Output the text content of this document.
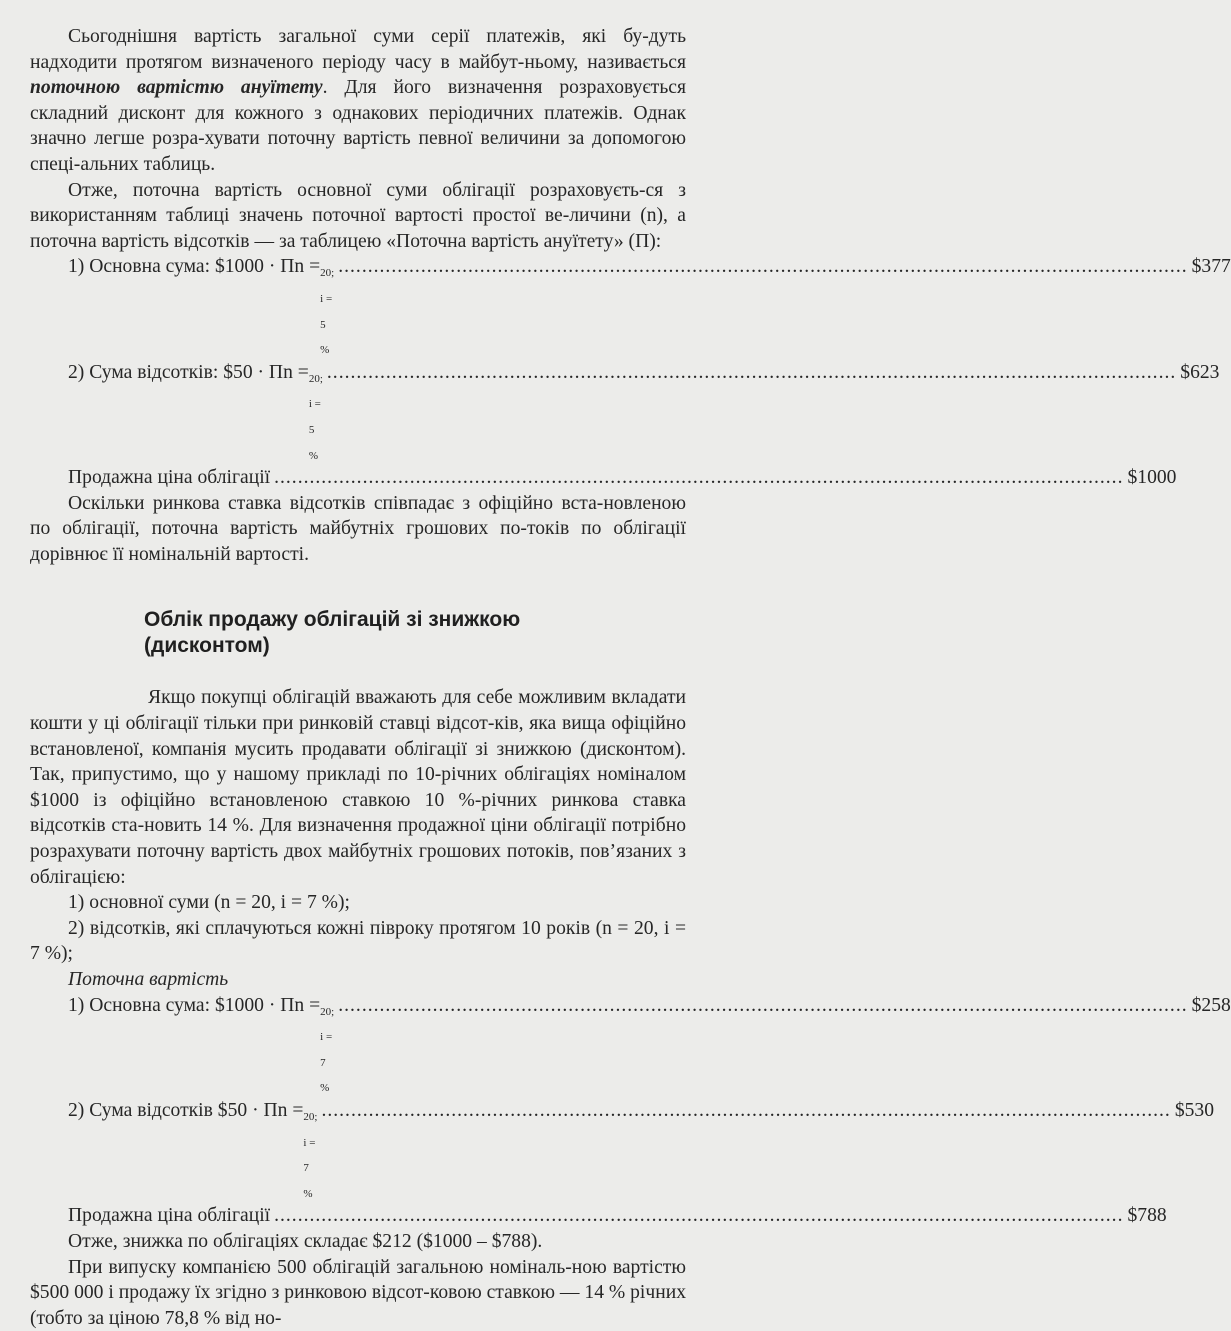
Сьогоднішня вартість загальної суми серії платежів, які бу-дуть надходити протягом визначеного періоду часу в майбут-ньому, називається поточною вартістю ануїтету. Для його визначення розраховується складний дисконт для кожного з однакових періодичних платежів. Однак значно легше розра-хувати поточну вартість певної величини за допомогою спеці-альних таблиць.

Отже, поточна вартість основної суми облігації розраховуєть-ся з використанням таблиці значень поточної вартості простої ве-личини (n), а поточна вартість відсотків — за таблицею «Поточна вартість ануїтету» (П):

1) Основна сума: $1000 · Пn = 20; i = 5 %
................................................................................................................................................ $377
2) Сума відсотків: $50 · Пn = 20; i = 5 %
................................................................................................................................................ $623
Продажна ціна облігації ................................................................................................................................................ $1000

Оскільки ринкова ставка відсотків співпадає з офіційно вста-новленою по облігації, поточна вартість майбутніх грошових по-токів по облігації дорівнює її номінальній вартості.

Облік продажу облігацій зі знижкою
(дисконтом)

Якщо покупці облігацій вважають для себе можливим вкладати кошти у ці облігації тільки при ринковій ставці відсот-ків, яка вища офіційно встановленої, компанія мусить продавати облігації зі знижкою (дисконтом). Так, припустимо, що у нашому прикладі по 10-річних облігаціях номіналом $1000 із офіційно встановленою ставкою 10 %-річних ринкова ставка відсотків ста-новить 14 %. Для визначення продажної ціни облігації потрібно розрахувати поточну вартість двох майбутніх грошових потоків, пов’язаних з облігацією:

1) основної суми (n = 20, i = 7 %);

2) відсотків, які сплачуються кожні півроку протягом 10 років (n = 20, i = 7 %);

Поточна вартість

1) Основна сума: $1000 · Пn = 20; i = 7 %
................................................................................................................................................ $258
2) Сума відсотків $50 · Пn = 20; i = 7 %
................................................................................................................................................ $530
Продажна ціна облігації ................................................................................................................................................ $788

Отже, знижка по облігаціях складає $212 ($1000 – $788).

При випуску компанією 500 облігацій загальною номіналь-ною вартістю $500 000 і продажу їх згідно з ринковою відсот-ковою ставкою — 14 % річних (тобто за ціною 78,8 % від но-
